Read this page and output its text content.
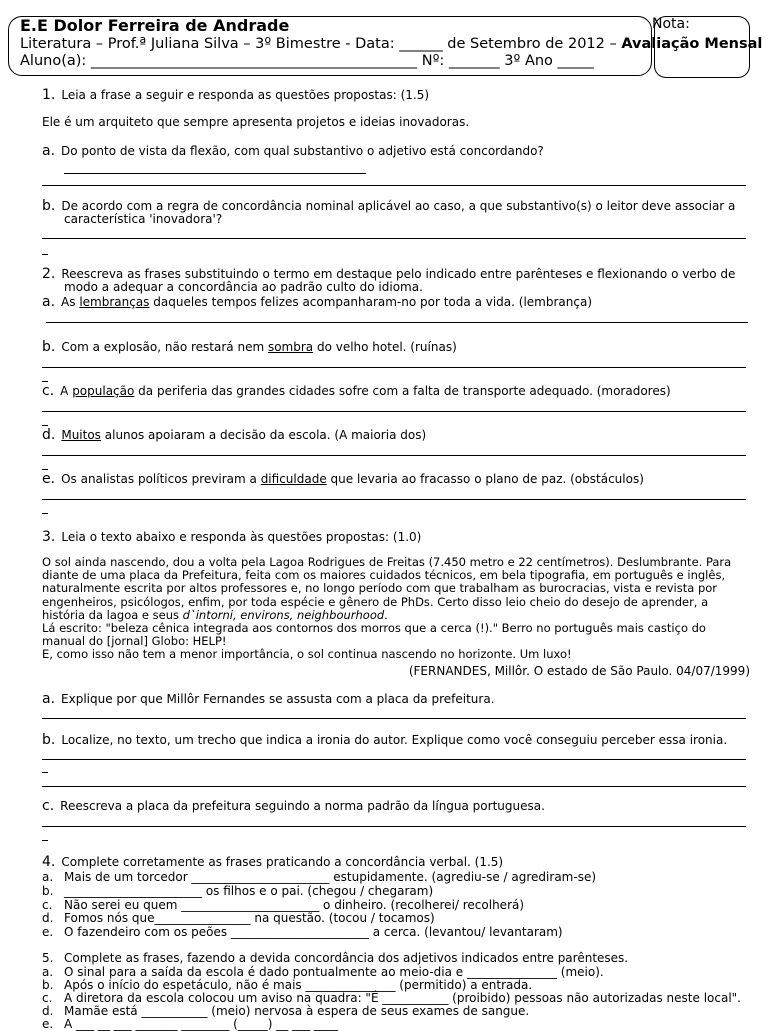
E.E Dolor Ferreira de Andrade
Literatura – Prof.ª Juliana Silva – 3º Bimestre - Data: ______ de Setembro de 2012 – Avaliação Mensal
Aluno(a): _____________________________________________ Nº: _______ 3º Ano _____
Nota:
1. Leia a frase a seguir e responda as questões propostas: (1.5)
Ele é um arquiteto que sempre apresenta projetos e ideias inovadoras.
a. Do ponto de vista da flexão, com qual substantivo o adjetivo está concordando?
b. De acordo com a regra de concordância nominal aplicável ao caso, a que substantivo(s) o leitor deve associar a
característica 'inovadora'?
2. Reescreva as frases substituindo o termo em destaque pelo indicado entre parênteses e flexionando o verbo de
modo a adequar a concordância ao padrão culto do idioma.
a. As lembranças daqueles tempos felizes acompanharam-no por toda a vida. (lembrança)
b. Com a explosão, não restará nem sombra do velho hotel. (ruínas)
c. A população da periferia das grandes cidades sofre com a falta de transporte adequado. (moradores)
d. Muitos alunos apoiaram a decisão da escola. (A maioria dos)
e. Os analistas políticos previram a dificuldade que levaria ao fracasso o plano de paz. (obstáculos)
3. Leia o texto abaixo e responda às questões propostas: (1.0)
O sol ainda nascendo, dou a volta pela Lagoa Rodrigues de Freitas (7.450 metro e 22 centímetros). Deslumbrante. Para
diante de uma placa da Prefeitura, feita com os maiores cuidados técnicos, em bela tipografia, em português e inglês,
naturalmente escrita por altos professores e, no longo período com que trabalham as burocracias, vista e revista por
engenheiros, psicólogos, enfim, por toda espécie e gênero de PhDs. Certo disso leio cheio do desejo de aprender, a
história da lagoa e seus d`intorni, environs, neighbourhood.
Lá escrito: "beleza cênica integrada aos contornos dos morros que a cerca (!)." Berro no português mais castiço do
manual do [jornal] Globo: HELP!
E, como isso não tem a menor importância, o sol continua nascendo no horizonte. Um luxo!
(FERNANDES, Millôr. O estado de São Paulo. 04/07/1999)
a. Explique por que Millôr Fernandes se assusta com a placa da prefeitura.
b. Localize, no texto, um trecho que indica a ironia do autor. Explique como você conseguiu perceber essa ironia.
c. Reescreva a placa da prefeitura seguindo a norma padrão da língua portuguesa.
4. Complete corretamente as frases praticando a concordância verbal. (1.5)
a. Mais de um torcedor _______________________ estupidamente. (agrediu-se / agrediram-se)
b. _______________________ os filhos e o pai. (chegou / chegaram)
c. Não serei eu quem _______________________ o dinheiro. (recolherei/ recolherá)
d. Fomos nós que________________ na questão. (tocou / tocamos)
e. O fazendeiro com os peões _______________________ a cerca. (levantou/ levantaram)
5. Complete as frases, fazendo a devida concordância dos adjetivos indicados entre parênteses.
a. O sinal para a saída da escola é dado pontualmente ao meio-dia e _______________ (meio).
b. Após o início do espetáculo, não é mais _______________ (permitido) a entrada.
c. A diretora da escola colocou um aviso na quadra: "É ___________ (proibido) pessoas não autorizadas neste local".
d. Mamãe está ___________ (meio) nervosa à espera de seus exames de sangue.
e. A ___ __ ___ _______ ________ (_____) __ ___ ____
